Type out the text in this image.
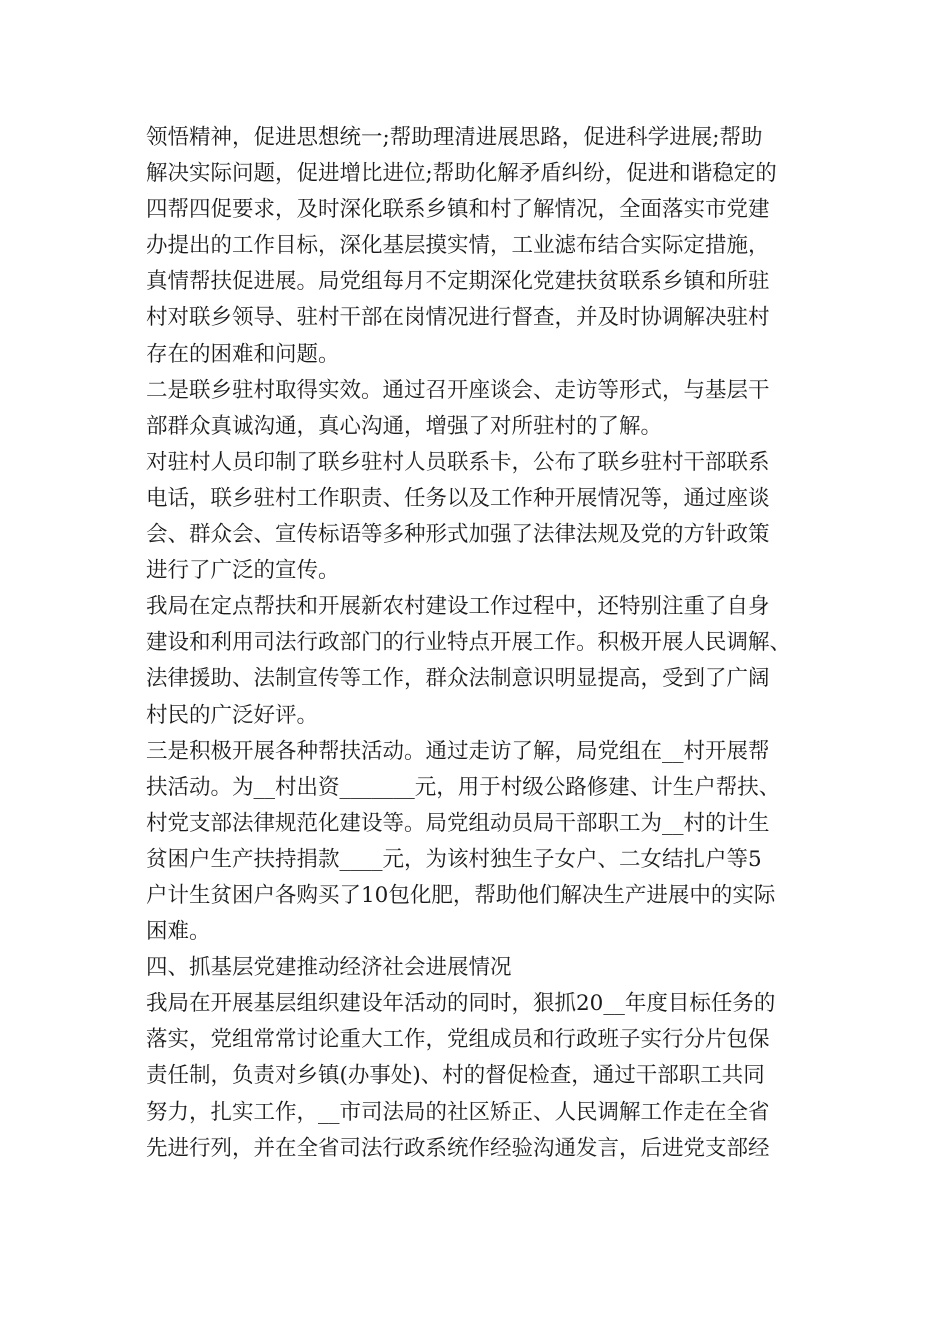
领悟精神，促进思想统一;帮助理清进展思路，促进科学进展;帮助
解决实际问题，促进增比进位;帮助化解矛盾纠纷，促进和谐稳定的
四帮四促要求，及时深化联系乡镇和村了解情况，全面落实市党建
办提出的工作目标，深化基层摸实情，工业滤布结合实际定措施，
真情帮扶促进展。局党组每月不定期深化党建扶贫联系乡镇和所驻
村对联乡领导、驻村干部在岗情况进行督查，并及时协调解决驻村
存在的困难和问题。
二是联乡驻村取得实效。通过召开座谈会、走访等形式，与基层干
部群众真诚沟通，真心沟通，增强了对所驻村的了解。
对驻村人员印制了联乡驻村人员联系卡，公布了联乡驻村干部联系
电话，联乡驻村工作职责、任务以及工作种开展情况等，通过座谈
会、群众会、宣传标语等多种形式加强了法律法规及党的方针政策
进行了广泛的宣传。
我局在定点帮扶和开展新农村建设工作过程中，还特别注重了自身
建设和利用司法行政部门的行业特点开展工作。积极开展人民调解、
法律援助、法制宣传等工作，群众法制意识明显提高，受到了广阔
村民的广泛好评。
三是积极开展各种帮扶活动。通过走访了解，局党组在__村开展帮
扶活动。为__村出资_______元，用于村级公路修建、计生户帮扶、
村党支部法律规范化建设等。局党组动员局干部职工为__村的计生
贫困户生产扶持捐款____元，为该村独生子女户、二女结扎户等5
户计生贫困户各购买了10包化肥，帮助他们解决生产进展中的实际
困难。
四、抓基层党建推动经济社会进展情况
我局在开展基层组织建设年活动的同时，狠抓20__年度目标任务的
落实，党组常常讨论重大工作，党组成员和行政班子实行分片包保
责任制，负责对乡镇(办事处)、村的督促检查，通过干部职工共同
努力，扎实工作，__市司法局的社区矫正、人民调解工作走在全省
先进行列，并在全省司法行政系统作经验沟通发言，后进党支部经
